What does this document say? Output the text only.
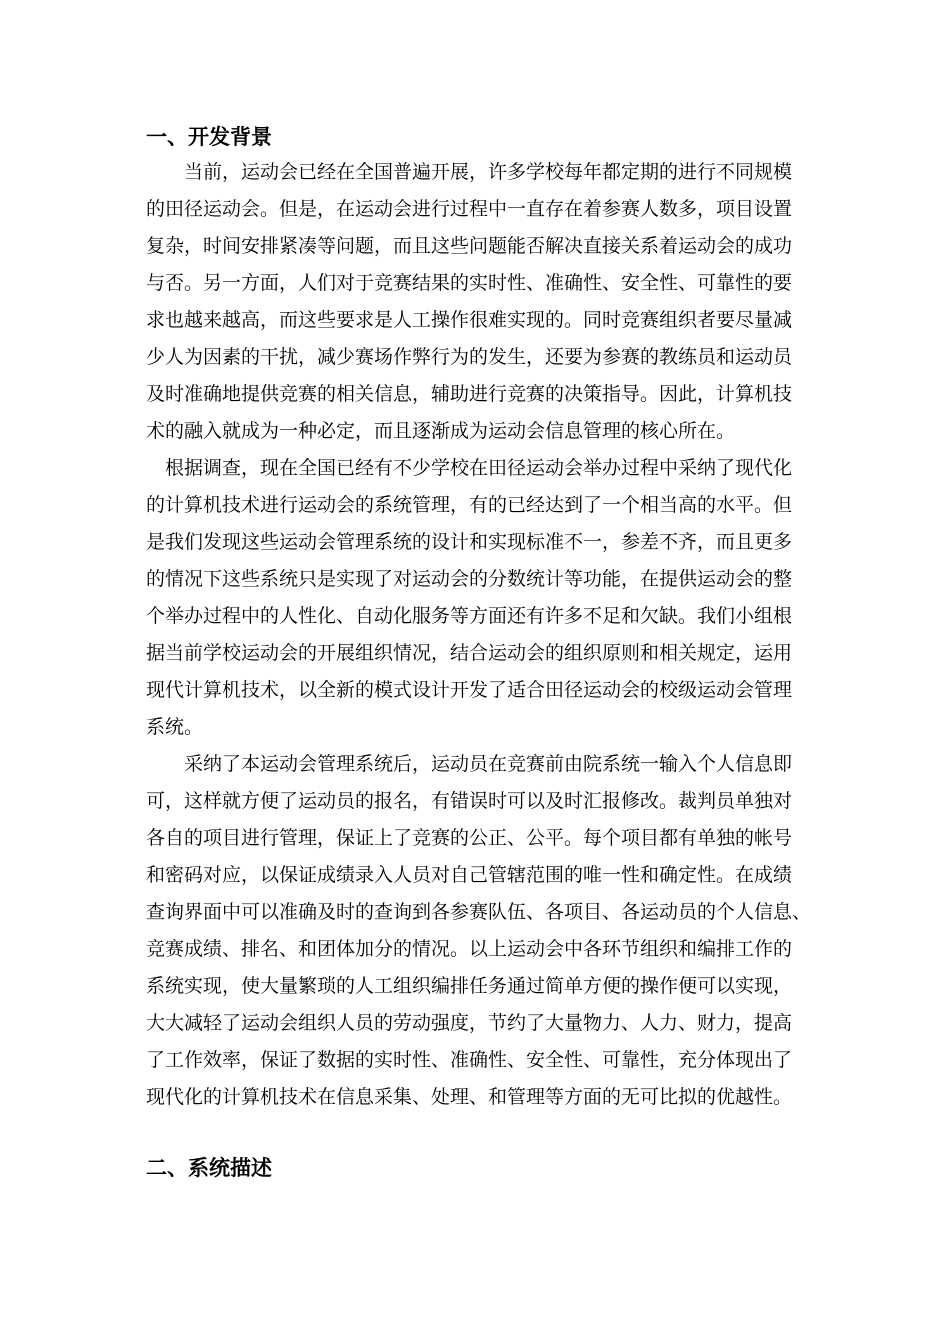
一、开发背景

当前，运动会已经在全国普遍开展，许多学校每年都定期的进行不同规模

的田径运动会。但是，在运动会进行过程中一直存在着参赛人数多，项目设置

复杂，时间安排紧凑等问题，而且这些问题能否解决直接关系着运动会的成功

与否。另一方面，人们对于竞赛结果的实时性、准确性、安全性、可靠性的要

求也越来越高，而这些要求是人工操作很难实现的。同时竞赛组织者要尽量减

少人为因素的干扰，减少赛场作弊行为的发生，还要为参赛的教练员和运动员

及时准确地提供竞赛的相关信息，辅助进行竞赛的决策指导。因此，计算机技

术的融入就成为一种必定，而且逐渐成为运动会信息管理的核心所在。

根据调查，现在全国已经有不少学校在田径运动会举办过程中采纳了现代化

的计算机技术进行运动会的系统管理，有的已经达到了一个相当高的水平。但

是我们发现这些运动会管理系统的设计和实现标准不一，参差不齐，而且更多

的情况下这些系统只是实现了对运动会的分数统计等功能，在提供运动会的整

个举办过程中的人性化、自动化服务等方面还有许多不足和欠缺。我们小组根

据当前学校运动会的开展组织情况，结合运动会的组织原则和相关规定，运用

现代计算机技术，以全新的模式设计开发了适合田径运动会的校级运动会管理

系统。

采纳了本运动会管理系统后，运动员在竞赛前由院系统一输入个人信息即

可，这样就方便了运动员的报名，有错误时可以及时汇报修改。裁判员单独对

各自的项目进行管理，保证上了竞赛的公正、公平。每个项目都有单独的帐号

和密码对应，以保证成绩录入人员对自己管辖范围的唯一性和确定性。在成绩

查询界面中可以准确及时的查询到各参赛队伍、各项目、各运动员的个人信息、

竞赛成绩、排名、和团体加分的情况。以上运动会中各环节组织和编排工作的

系统实现，使大量繁琐的人工组织编排任务通过简单方便的操作便可以实现，

大大减轻了运动会组织人员的劳动强度，节约了大量物力、人力、财力，提高

了工作效率，保证了数据的实时性、准确性、安全性、可靠性，充分体现出了

现代化的计算机技术在信息采集、处理、和管理等方面的无可比拟的优越性。

二、系统描述
